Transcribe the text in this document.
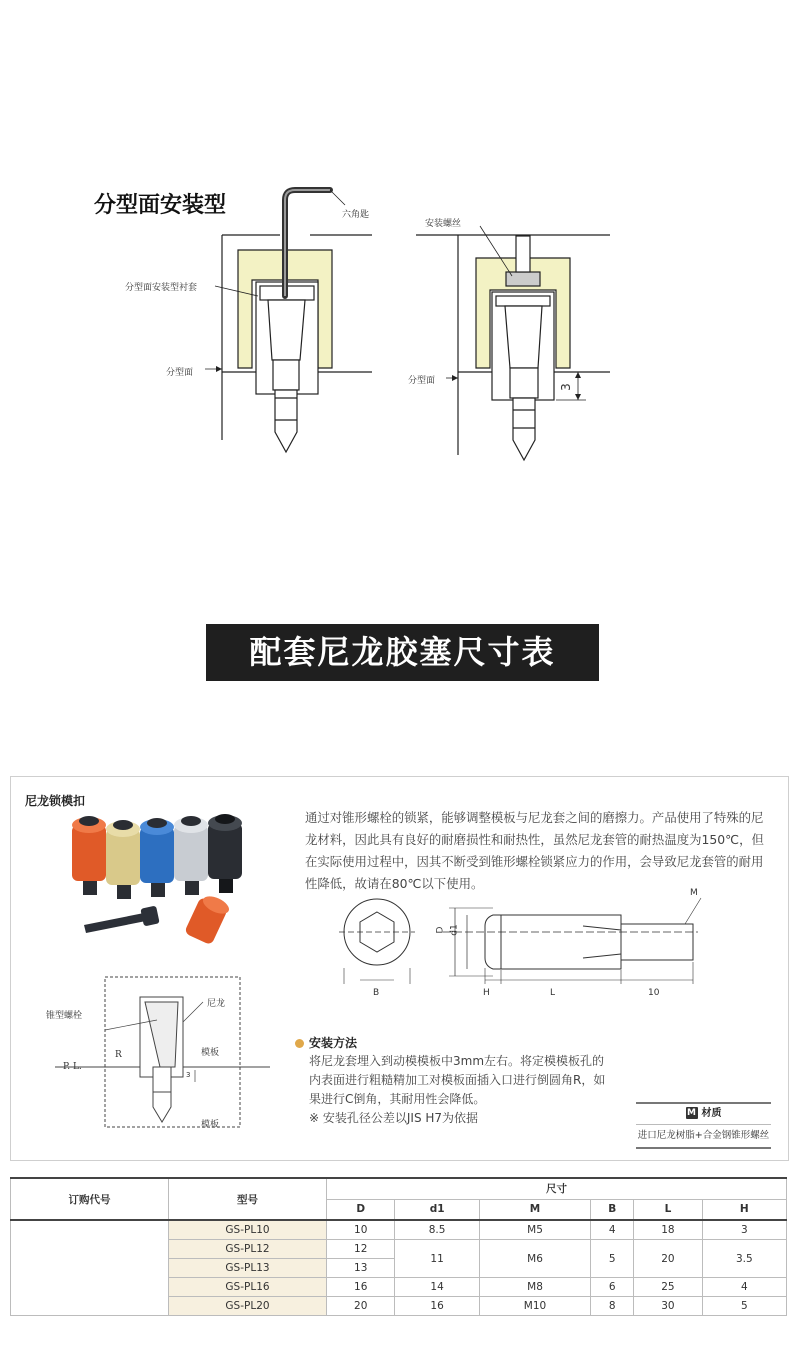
分型面安装型	六角匙
分型面安装型衬套
分型面
安装螺丝
分型面
3
配套尼龙胶塞尺寸表
尼龙锁模扣
锥型螺栓
尼龙
P. L.
R	模板
模板
3
通过对锥形螺栓的锁紧，能够调整模板与尼龙套之间的磨擦力。产品使用了特殊的尼龙材料，因此具有良好的耐磨损性和耐热性，虽然尼龙套管的耐热温度为150℃，但在实际使用过程中，因其不断受到锥形螺栓锁紧应力的作用，会导致尼龙套管的耐用性降低，故请在80℃以下使用。
M
D d1
B	H	L	10
安装方法
将尼龙套埋入到动模模板中3mm左右。将定模模板孔的内表面进行粗糙精加工对模板面插入口进行倒圆角R，如果进行C倒角，其耐用性会降低。
※ 安装孔径公差以JIS H7为依据	M 材质
进口尼龙树脂+合金钢锥形螺丝
订购代号	型号	尺寸					
		D	d1	M	B	L	H
	GS-PL10	10	8.5	M5	4	18	3
	GS-PL12	12	11	M6	5	20	3.5
	GS-PL13	13					
	GS-PL16	16	14	M8	6	25	4
	GS-PL20	20	16	M10	8	30	5
